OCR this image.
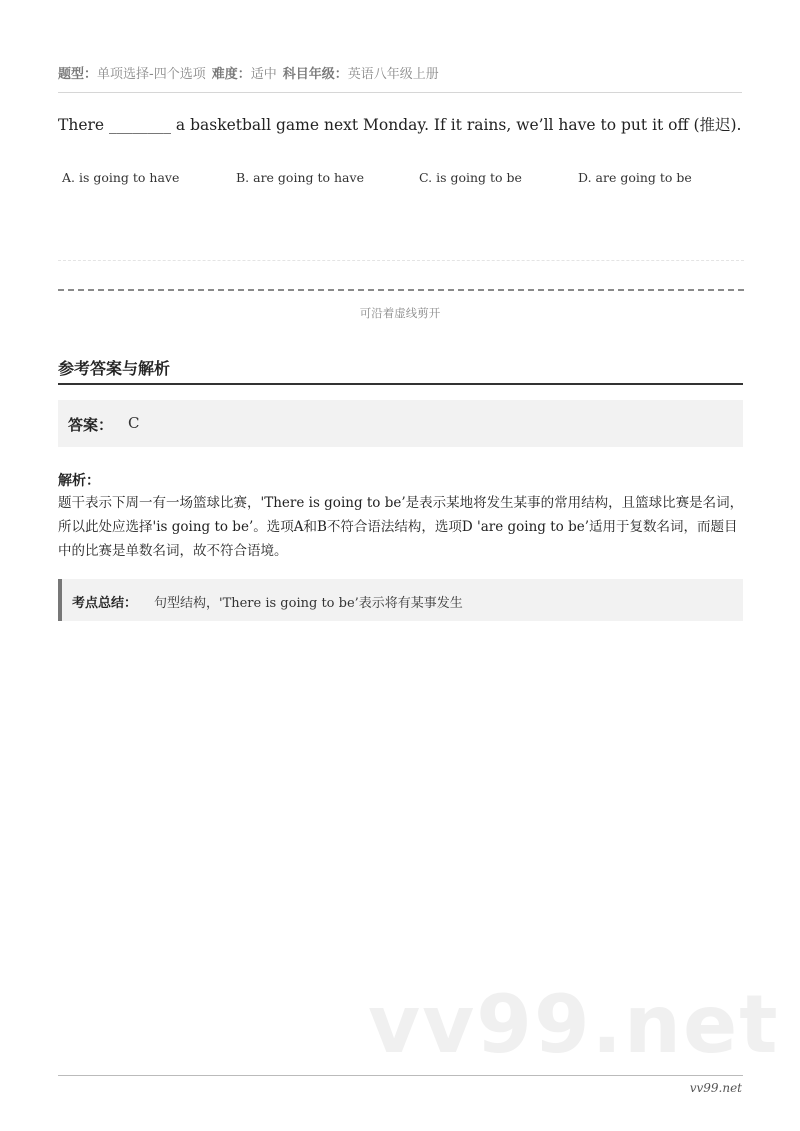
题型：单项选择-四个选项 难度：适中 科目年级：英语八年级上册
There ________ a basketball game next Monday. If it rains, we’ll have to put it off (推迟).
A. is going to have	B. are going to have	C. is going to be	D. are going to be
可沿着虚线剪开
参考答案与解析
答案： C
解析：
题干表示下周一有一场篮球比赛，'There is going to be’是表示某地将发生某事的常用结构，且篮球比赛是名词，所以此处应选择'is going to be’。选项A和B不符合语法结构，选项D 'are going to be’适用于复数名词，而题目中的比赛是单数名词，故不符合语境。
考点总结： 句型结构，'There is going to be’表示将有某事发生
vv99.net
vv99.net
